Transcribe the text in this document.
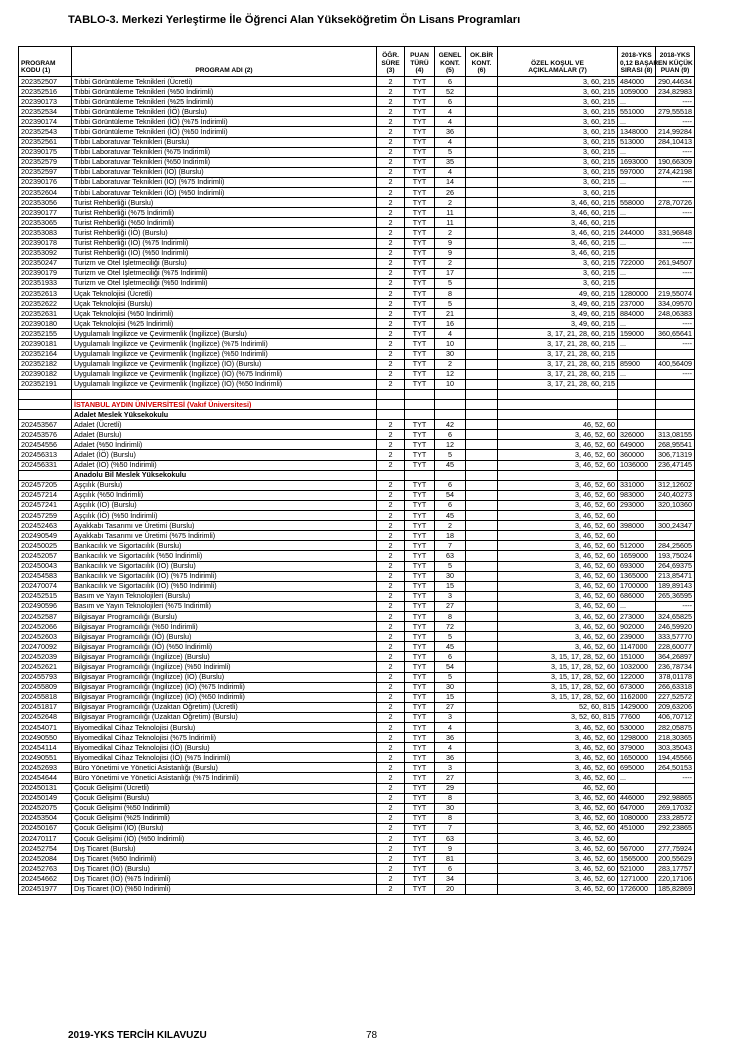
TABLO-3. Merkezi Yerleştirme İle Öğrenci Alan Yükseköğretim Ön Lisans Programları
PROGRAM
KODU (1)	PROGRAM ADI (2)	ÖĞR.
SÜRE
(3)	PUAN
TÜRÜ
(4)	GENEL
KONT.
(5)	OK.BİR
KONT.
(6)	ÖZEL KOŞUL VE
AÇIKLAMALAR (7)	2018-YKS
0,12 BAŞARI
SIRASI (8)	2018-YKS
EN KÜÇÜK
PUAN (9)
202352507	Tıbbi Görüntüleme Teknikleri (Ücretli)	2	TYT	6		3, 60, 215	484000	290,44634
202352516	Tıbbi Görüntüleme Teknikleri (%50 İndirimli)	2	TYT	52		3, 60, 215	1059000	234,82983
202390173	Tıbbi Görüntüleme Teknikleri (%25 İndirimli)	2	TYT	6		3, 60, 215	...	----
202352534	Tıbbi Görüntüleme Teknikleri (İÖ) (Burslu)	2	TYT	4		3, 60, 215	551000	279,55518
202390174	Tıbbi Görüntüleme Teknikleri (İÖ) (%75 İndirimli)	2	TYT	4		3, 60, 215	...	----
202352543	Tıbbi Görüntüleme Teknikleri (İÖ) (%50 İndirimli)	2	TYT	36		3, 60, 215	1348000	214,99284
202352561	Tıbbi Laboratuvar Teknikleri (Burslu)	2	TYT	4		3, 60, 215	513000	284,10413
202390175	Tıbbi Laboratuvar Teknikleri (%75 İndirimli)	2	TYT	5		3, 60, 215	...	----
202352579	Tıbbi Laboratuvar Teknikleri (%50 İndirimli)	2	TYT	35		3, 60, 215	1693000	190,66309
202352597	Tıbbi Laboratuvar Teknikleri (İÖ) (Burslu)	2	TYT	4		3, 60, 215	597000	274,42198
202390176	Tıbbi Laboratuvar Teknikleri (İÖ) (%75 İndirimli)	2	TYT	14		3, 60, 215	...	----
202352604	Tıbbi Laboratuvar Teknikleri (İÖ) (%50 İndirimli)	2	TYT	26		3, 60, 215		
202353056	Turist Rehberliği (Burslu)	2	TYT	2		3, 46, 60, 215	558000	278,70726
202390177	Turist Rehberliği (%75 İndirimli)	2	TYT	11		3, 46, 60, 215	...	----
202353065	Turist Rehberliği (%50 İndirimli)	2	TYT	11		3, 46, 60, 215		
202353083	Turist Rehberliği (İÖ) (Burslu)	2	TYT	2		3, 46, 60, 215	244000	331,96848
202390178	Turist Rehberliği (İÖ) (%75 İndirimli)	2	TYT	9		3, 46, 60, 215	...	----
202353092	Turist Rehberliği (İÖ) (%50 İndirimli)	2	TYT	9		3, 46, 60, 215		
202350247	Turizm ve Otel İşletmeciliği (Burslu)	2	TYT	2		3, 60, 215	722000	261,94507
202390179	Turizm ve Otel İşletmeciliği (%75 İndirimli)	2	TYT	17		3, 60, 215	...	----
202351933	Turizm ve Otel İşletmeciliği (%50 İndirimli)	2	TYT	5		3, 60, 215		
202352613	Uçak Teknolojisi (Ücretli)	2	TYT	8		49, 60, 215	1280000	219,55074
202352622	Uçak Teknolojisi (Burslu)	2	TYT	5		3, 49, 60, 215	237000	334,09570
202352631	Uçak Teknolojisi (%50 İndirimli)	2	TYT	21		3, 49, 60, 215	884000	248,06383
202390180	Uçak Teknolojisi (%25 İndirimli)	2	TYT	16		3, 49, 60, 215	...	----
202352155	Uygulamalı İngilizce ve Çevirmenlik (İngilizce) (Burslu)	2	TYT	4		3, 17, 21, 28, 60, 215	159000	360,65641
202390181	Uygulamalı İngilizce ve Çevirmenlik (İngilizce) (%75 İndirimli)	2	TYT	10		3, 17, 21, 28, 60, 215	...	----
202352164	Uygulamalı İngilizce ve Çevirmenlik (İngilizce) (%50 İndirimli)	2	TYT	30		3, 17, 21, 28, 60, 215		
202352182	Uygulamalı İngilizce ve Çevirmenlik (İngilizce) (İÖ) (Burslu)	2	TYT	2		3, 17, 21, 28, 60, 215	85900	400,56409
202390182	Uygulamalı İngilizce ve Çevirmenlik (İngilizce) (İÖ) (%75 İndirimli)	2	TYT	12		3, 17, 21, 28, 60, 215	...	----
202352191	Uygulamalı İngilizce ve Çevirmenlik (İngilizce) (İÖ) (%50 İndirimli)	2	TYT	10		3, 17, 21, 28, 60, 215		

	İSTANBUL AYDIN ÜNİVERSİTESİ (Vakıf Üniversitesi)							
	Adalet Meslek Yüksekokulu							
202453567	Adalet (Ücretli)	2	TYT	42		46, 52, 60		
202453576	Adalet (Burslu)	2	TYT	6		3, 46, 52, 60	326000	313,08155
202454556	Adalet (%50 İndirimli)	2	TYT	12		3, 46, 52, 60	649000	268,95541
202456313	Adalet (İÖ) (Burslu)	2	TYT	5		3, 46, 52, 60	360000	306,71319
202456331	Adalet (İÖ) (%50 İndirimli)	2	TYT	45		3, 46, 52, 60	1036000	236,47145
	Anadolu Bil Meslek Yüksekokulu							
202457205	Aşçılık (Burslu)	2	TYT	6		3, 46, 52, 60	331000	312,12602
202457214	Aşçılık (%50 İndirimli)	2	TYT	54		3, 46, 52, 60	983000	240,40273
202457241	Aşçılık (İÖ) (Burslu)	2	TYT	6		3, 46, 52, 60	293000	320,10360
202457259	Aşçılık (İÖ) (%50 İndirimli)	2	TYT	45		3, 46, 52, 60		
202452463	Ayakkabı Tasarımı ve Üretimi (Burslu)	2	TYT	2		3, 46, 52, 60	398000	300,24347
202490549	Ayakkabı Tasarımı ve Üretimi (%75 İndirimli)	2	TYT	18		3, 46, 52, 60		
202450025	Bankacılık ve Sigortacılık (Burslu)	2	TYT	7		3, 46, 52, 60	512000	284,25605
202452057	Bankacılık ve Sigortacılık (%50 İndirimli)	2	TYT	63		3, 46, 52, 60	1659000	193,75024
202450043	Bankacılık ve Sigortacılık (İÖ) (Burslu)	2	TYT	5		3, 46, 52, 60	693000	264,69375
202454583	Bankacılık ve Sigortacılık (İÖ) (%75 İndirimli)	2	TYT	30		3, 46, 52, 60	1365000	213,85471
202470074	Bankacılık ve Sigortacılık (İÖ) (%50 İndirimli)	2	TYT	15		3, 46, 52, 60	1700000	189,89143
202452515	Basım ve Yayın Teknolojileri (Burslu)	2	TYT	3		3, 46, 52, 60	686000	265,36595
202490596	Basım ve Yayın Teknolojileri (%75 İndirimli)	2	TYT	27		3, 46, 52, 60	...	----
202452587	Bilgisayar Programcılığı (Burslu)	2	TYT	8		3, 46, 52, 60	273000	324,65825
202452066	Bilgisayar Programcılığı (%50 İndirimli)	2	TYT	72		3, 46, 52, 60	902000	246,59920
202452603	Bilgisayar Programcılığı (İÖ) (Burslu)	2	TYT	5		3, 46, 52, 60	239000	333,57770
202470092	Bilgisayar Programcılığı (İÖ) (%50 İndirimli)	2	TYT	45		3, 46, 52, 60	1147000	228,60077
202452039	Bilgisayar Programcılığı (İngilizce) (Burslu)	2	TYT	6		3, 15, 17, 28, 52, 60	151000	364,26897
202452621	Bilgisayar Programcılığı (İngilizce) (%50 İndirimli)	2	TYT	54		3, 15, 17, 28, 52, 60	1032000	236,78734
202455793	Bilgisayar Programcılığı (İngilizce) (İÖ) (Burslu)	2	TYT	5		3, 15, 17, 28, 52, 60	122000	378,01178
202455809	Bilgisayar Programcılığı (İngilizce) (İÖ) (%75 İndirimli)	2	TYT	30		3, 15, 17, 28, 52, 60	673000	266,63318
202455818	Bilgisayar Programcılığı (İngilizce) (İÖ) (%50 İndirimli)	2	TYT	15		3, 15, 17, 28, 52, 60	1162000	227,52572
202451817	Bilgisayar Programcılığı (Uzaktan Öğretim) (Ücretli)	2	TYT	27		52, 60, 815	1429000	209,63206
202452648	Bilgisayar Programcılığı (Uzaktan Öğretim) (Burslu)	2	TYT	3		3, 52, 60, 815	77600	406,70712
202454071	Biyomedikal Cihaz Teknolojisi (Burslu)	2	TYT	4		3, 46, 52, 60	530000	282,05875
202490550	Biyomedikal Cihaz Teknolojisi (%75 İndirimli)	2	TYT	36		3, 46, 52, 60	1298000	218,30365
202454114	Biyomedikal Cihaz Teknolojisi (İÖ) (Burslu)	2	TYT	4		3, 46, 52, 60	379000	303,35043
202490551	Biyomedikal Cihaz Teknolojisi (İÖ) (%75 İndirimli)	2	TYT	36		3, 46, 52, 60	1650000	194,45566
202452693	Büro Yönetimi ve Yönetici Asistanlığı (Burslu)	2	TYT	3		3, 46, 52, 60	695000	264,50153
202454644	Büro Yönetimi ve Yönetici Asistanlığı (%75 İndirimli)	2	TYT	27		3, 46, 52, 60	...	----
202450131	Çocuk Gelişimi (Ücretli)	2	TYT	29		46, 52, 60		
202450149	Çocuk Gelişimi (Burslu)	2	TYT	8		3, 46, 52, 60	446000	292,98865
202452075	Çocuk Gelişimi (%50 İndirimli)	2	TYT	30		3, 46, 52, 60	647000	269,17032
202453504	Çocuk Gelişimi (%25 İndirimli)	2	TYT	8		3, 46, 52, 60	1080000	233,28572
202450167	Çocuk Gelişimi (İÖ) (Burslu)	2	TYT	7		3, 46, 52, 60	451000	292,23865
202470117	Çocuk Gelişimi (İÖ) (%50 İndirimli)	2	TYT	63		3, 46, 52, 60		
202452754	Dış Ticaret (Burslu)	2	TYT	9		3, 46, 52, 60	567000	277,75924
202452084	Dış Ticaret (%50 İndirimli)	2	TYT	81		3, 46, 52, 60	1565000	200,55629
202452763	Dış Ticaret (İÖ) (Burslu)	2	TYT	6		3, 46, 52, 60	521000	283,17757
202454662	Dış Ticaret (İÖ) (%75 İndirimli)	2	TYT	34		3, 46, 52, 60	1271000	220,17106
202451977	Dış Ticaret (İÖ) (%50 İndirimli)	2	TYT	20		3, 46, 52, 60	1726000	185,82869
2019-YKS TERCİH KILAVUZU	78
